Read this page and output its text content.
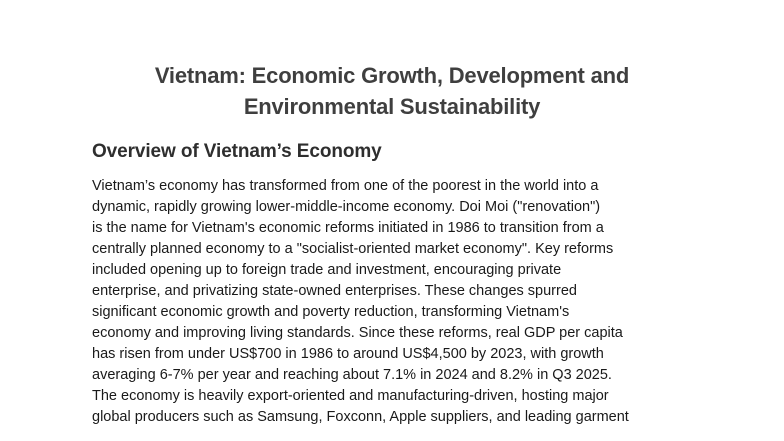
Vietnam: Economic Growth, Development and
Environmental Sustainability
Overview of Vietnam’s Economy
Vietnam’s economy has transformed from one of the poorest in the world into a
dynamic, rapidly growing lower-middle-income economy. Doi Moi ("renovation")
is the name for Vietnam's economic reforms initiated in 1986 to transition from a
centrally planned economy to a "socialist-oriented market economy". Key reforms
included opening up to foreign trade and investment, encouraging private
enterprise, and privatizing state-owned enterprises. These changes spurred
significant economic growth and poverty reduction, transforming Vietnam's
economy and improving living standards. Since these reforms, real GDP per capita
has risen from under US$700 in 1986 to around US$4,500 by 2023, with growth
averaging 6-7% per year and reaching about 7.1% in 2024 and 8.2% in Q3 2025.
The economy is heavily export-oriented and manufacturing-driven, hosting major
global producers such as Samsung, Foxconn, Apple suppliers, and leading garment
